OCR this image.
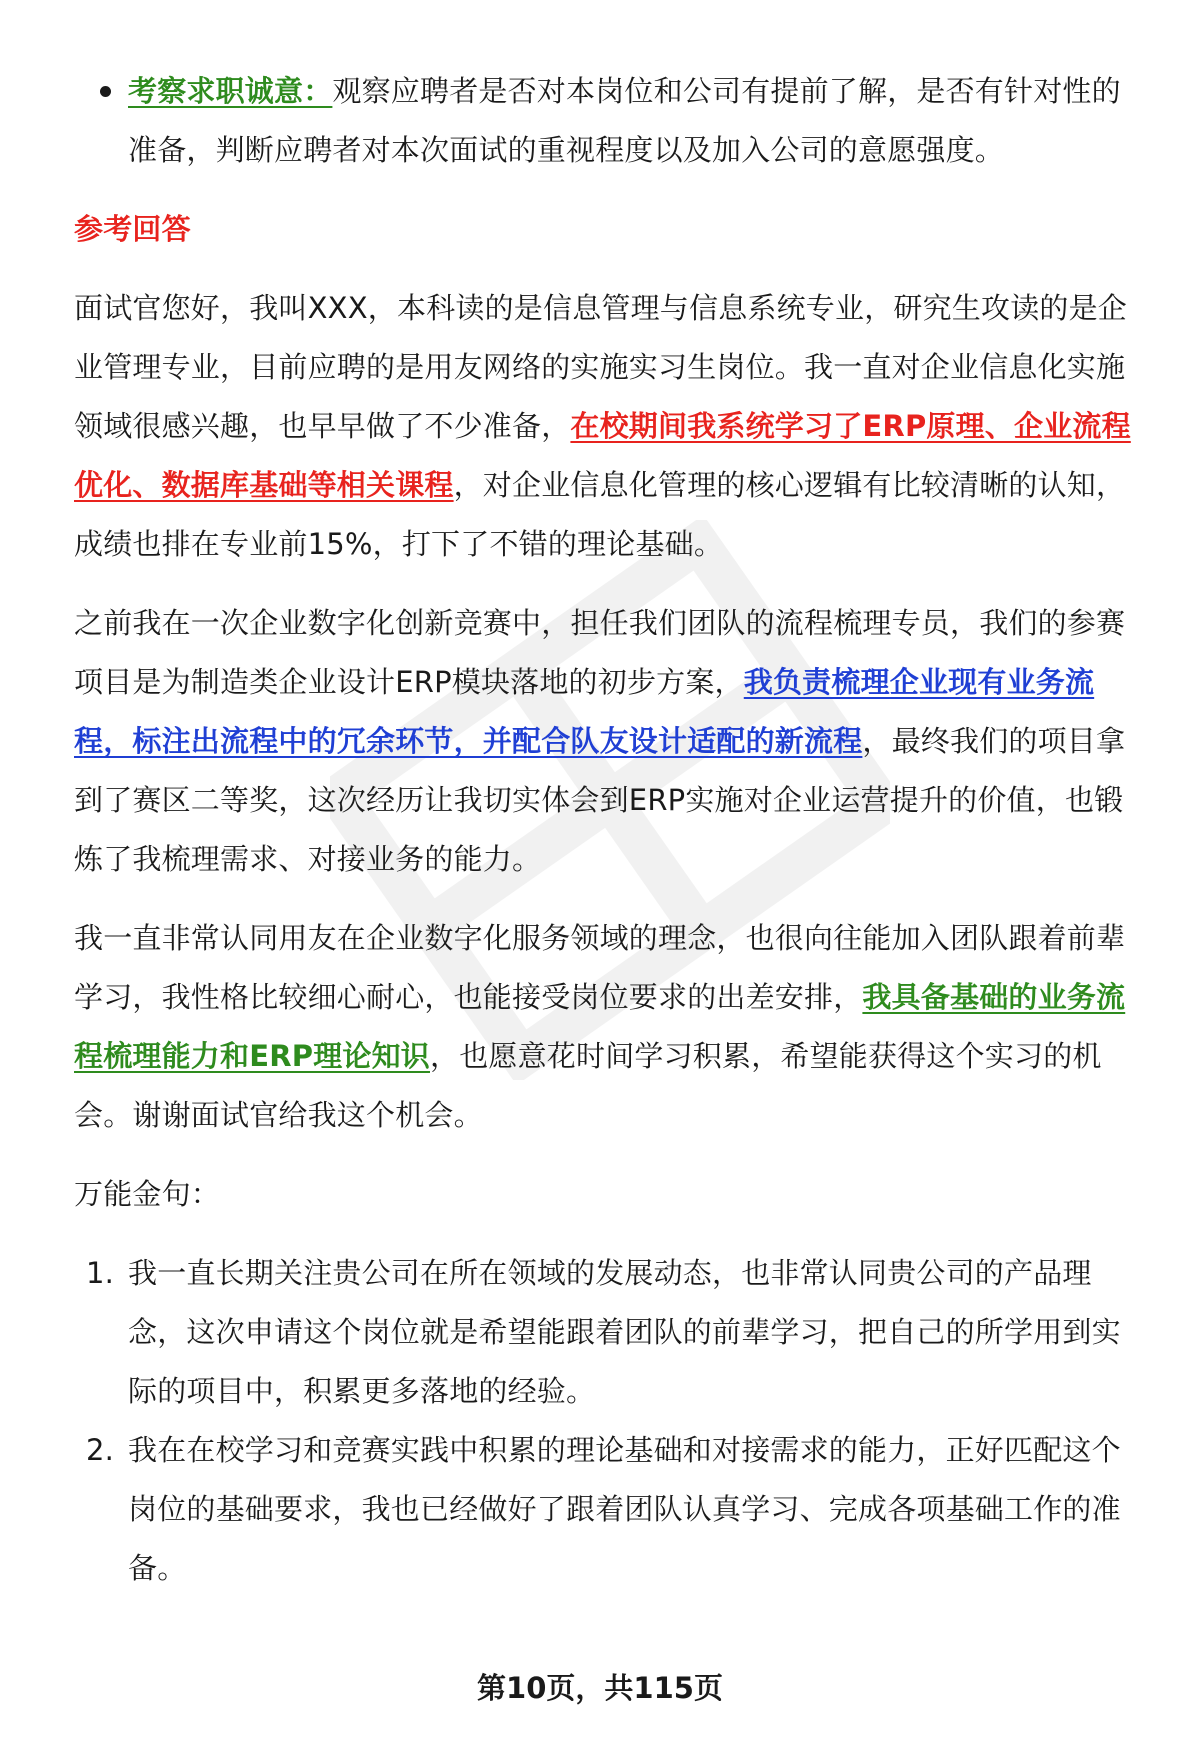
考察求职诚意：观察应聘者是否对本岗位和公司有提前了解，是否有针对性的准备，判断应聘者对本次面试的重视程度以及加入公司的意愿强度。

参考回答

面试官您好，我叫XXX，本科读的是信息管理与信息系统专业，研究生攻读的是企业管理专业，目前应聘的是用友网络的实施实习生岗位。我一直对企业信息化实施领域很感兴趣，也早早做了不少准备，在校期间我系统学习了ERP原理、企业流程优化、数据库基础等相关课程，对企业信息化管理的核心逻辑有比较清晰的认知，成绩也排在专业前15%，打下了不错的理论基础。

之前我在一次企业数字化创新竞赛中，担任我们团队的流程梳理专员，我们的参赛项目是为制造类企业设计ERP模块落地的初步方案，我负责梳理企业现有业务流程，标注出流程中的冗余环节，并配合队友设计适配的新流程，最终我们的项目拿到了赛区二等奖，这次经历让我切实体会到ERP实施对企业运营提升的价值，也锻炼了我梳理需求、对接业务的能力。

我一直非常认同用友在企业数字化服务领域的理念，也很向往能加入团队跟着前辈学习，我性格比较细心耐心，也能接受岗位要求的出差安排，我具备基础的业务流程梳理能力和ERP理论知识，也愿意花时间学习积累，希望能获得这个实习的机会。谢谢面试官给我这个机会。

万能金句：

1. 我一直长期关注贵公司在所在领域的发展动态，也非常认同贵公司的产品理念，这次申请这个岗位就是希望能跟着团队的前辈学习，把自己的所学用到实际的项目中，积累更多落地的经验。
2. 我在在校学习和竞赛实践中积累的理论基础和对接需求的能力，正好匹配这个岗位的基础要求，我也已经做好了跟着团队认真学习、完成各项基础工作的准备。
第10页，共115页
